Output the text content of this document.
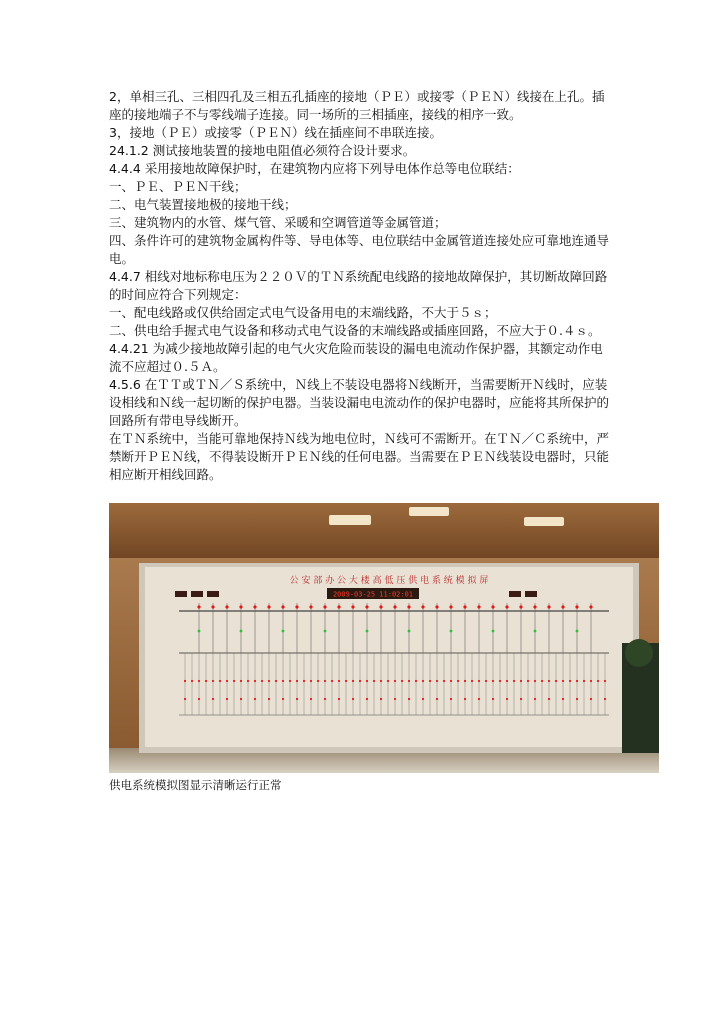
2，单相三孔、三相四孔及三相五孔插座的接地（ＰＥ）或接零（ＰＥＮ）线接在上孔。插座的接地端子不与零线端子连接。同一场所的三相插座，接线的相序一致。

3，接地（ＰＥ）或接零（ＰＥＮ）线在插座间不串联连接。

24.1.2 测试接地装置的接地电阻值必须符合设计要求。

4.4.4 采用接地故障保护时，在建筑物内应将下列导电体作总等电位联结：

一、ＰＥ、ＰＥＮ干线；

二、电气装置接地极的接地干线；

三、建筑物内的水管、煤气管、采暖和空调管道等金属管道；

四、条件许可的建筑物金属构件等、导电体等、电位联结中金属管道连接处应可靠地连通导电。

4.4.7 相线对地标称电压为２２０Ｖ的ＴＮ系统配电线路的接地故障保护，其切断故障回路的时间应符合下列规定：

一、配电线路或仅供给固定式电气设备用电的末端线路，不大于５ｓ；

二、供电给手握式电气设备和移动式电气设备的末端线路或插座回路，不应大于０.４ｓ。

4.4.21 为减少接地故障引起的电气火灾危险而装设的漏电电流动作保护器，其额定动作电流不应超过０.５Ａ。

4.5.6 在ＴＴ或ＴＮ／Ｓ系统中，Ｎ线上不装设电器将Ｎ线断开，当需要断开Ｎ线时，应装设相线和Ｎ线一起切断的保护电器。当装设漏电电流动作的保护电器时，应能将其所保护的回路所有带电导线断开。

在ＴＮ系统中，当能可靠地保持Ｎ线为地电位时，Ｎ线可不需断开。在ＴＮ／Ｃ系统中，严禁断开ＰＥＮ线，不得装设断开ＰＥＮ线的任何电器。当需要在ＰＥＮ线装设电器时，只能相应断开相线回路。

公 安 部 办 公 大 楼 高 低 压 供 电 系 统 模 拟 屏
2009-03-25 11:02:01
供电系统模拟图显示清晰运行正常
